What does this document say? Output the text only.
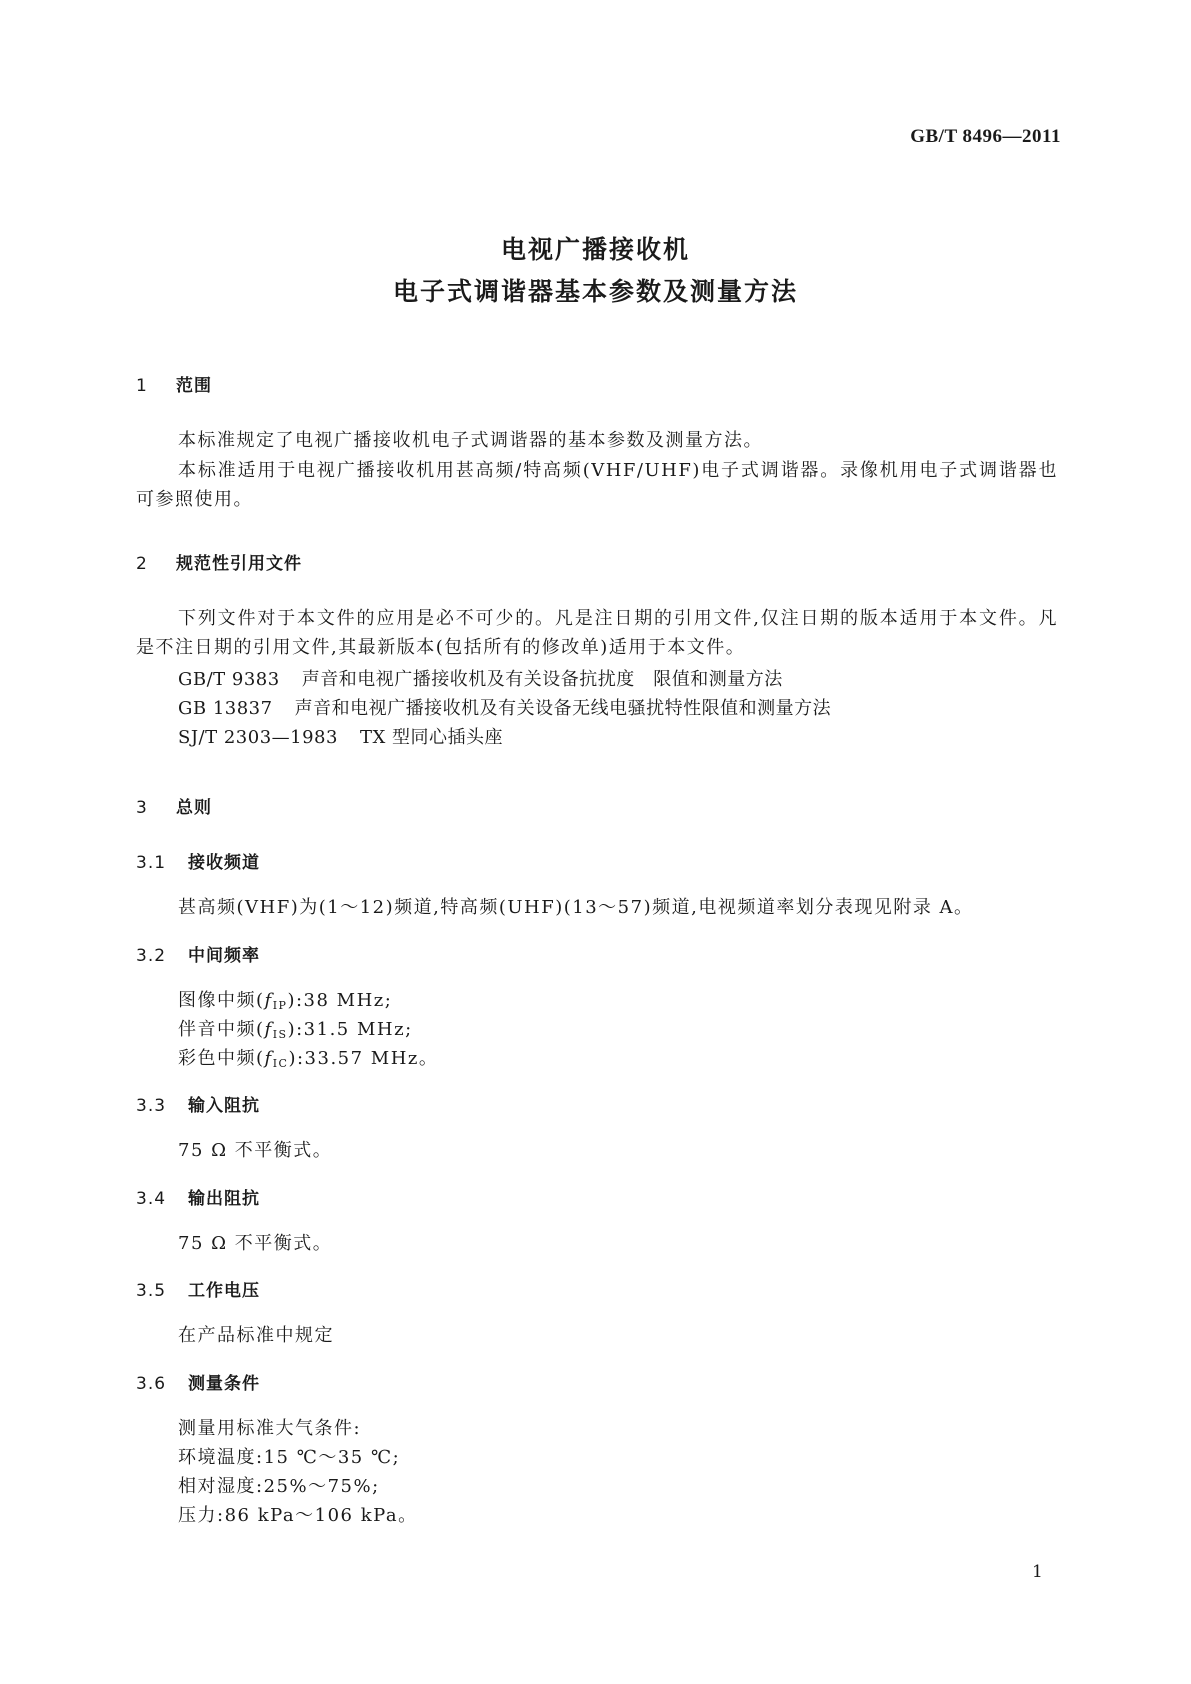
GB/T 8496—2011
电视广播接收机
电子式调谐器基本参数及测量方法
1 范围
本标准规定了电视广播接收机电子式调谐器的基本参数及测量方法。
本标准适用于电视广播接收机用甚高频/特高频(VHF/UHF)电子式调谐器。录像机用电子式调谐器也可参照使用。
2 规范性引用文件
下列文件对于本文件的应用是必不可少的。凡是注日期的引用文件,仅注日期的版本适用于本文件。凡是不注日期的引用文件,其最新版本(包括所有的修改单)适用于本文件。
GB/T 9383 声音和电视广播接收机及有关设备抗扰度　限值和测量方法
GB 13837 声音和电视广播接收机及有关设备无线电骚扰特性限值和测量方法
SJ/T 2303—1983 TX 型同心插头座
3 总则
3.1 接收频道
甚高频(VHF)为(1～12)频道,特高频(UHF)(13～57)频道,电视频道率划分表现见附录 A。
3.2 中间频率
图像中频$(f_{IP}):38$ MHz;
伴音中频$(f_{IS}):31.5$ MHz;
彩色中频$(f_{IC}):33.57$ MHz。
3.3 输入阻抗
75 Ω 不平衡式。
3.4 输出阻抗
75 Ω 不平衡式。
3.5 工作电压
在产品标准中规定
3.6 测量条件
测量用标准大气条件:
环境温度:15 ℃～35 ℃;
相对湿度:25%～75%;
压力:86 kPa～106 kPa。
1
